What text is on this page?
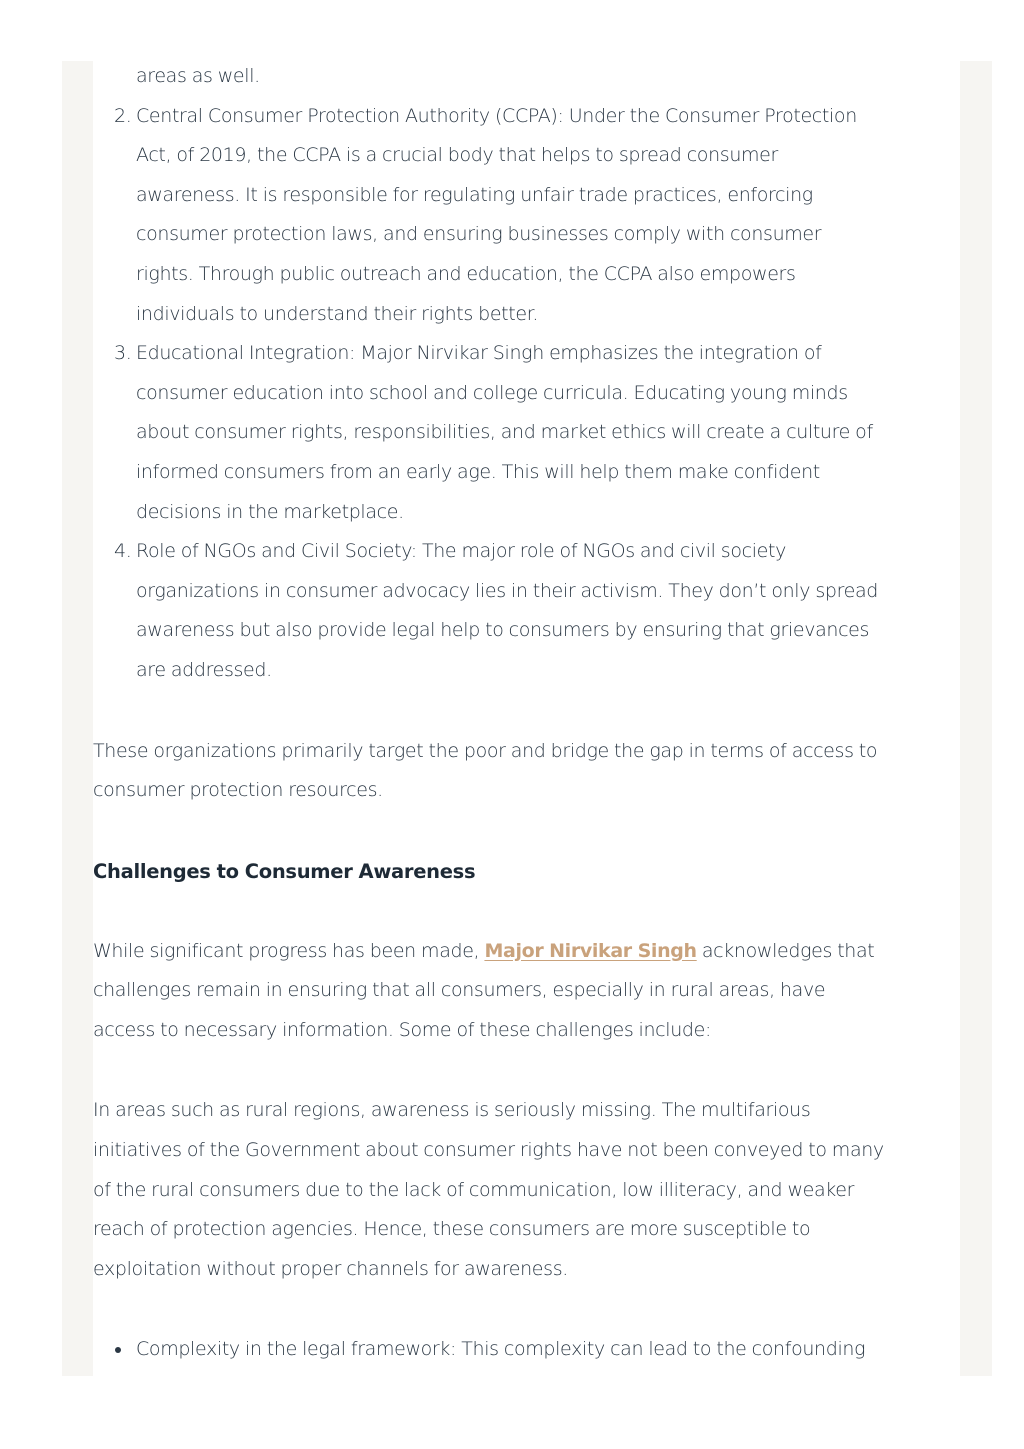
areas as well.
2. Central Consumer Protection Authority (CCPA): Under the Consumer Protection
Act, of 2019, the CCPA is a crucial body that helps to spread consumer
awareness. It is responsible for regulating unfair trade practices, enforcing
consumer protection laws, and ensuring businesses comply with consumer
rights. Through public outreach and education, the CCPA also empowers
individuals to understand their rights better.
3. Educational Integration: Major Nirvikar Singh emphasizes the integration of
consumer education into school and college curricula. Educating young minds
about consumer rights, responsibilities, and market ethics will create a culture of
informed consumers from an early age. This will help them make confident
decisions in the marketplace.
4. Role of NGOs and Civil Society: The major role of NGOs and civil society
organizations in consumer advocacy lies in their activism. They don’t only spread
awareness but also provide legal help to consumers by ensuring that grievances
are addressed.
These organizations primarily target the poor and bridge the gap in terms of access to
consumer protection resources.
Challenges to Consumer Awareness
While significant progress has been made, Major Nirvikar Singh acknowledges that
challenges remain in ensuring that all consumers, especially in rural areas, have
access to necessary information. Some of these challenges include:
In areas such as rural regions, awareness is seriously missing. The multifarious
initiatives of the Government about consumer rights have not been conveyed to many
of the rural consumers due to the lack of communication, low illiteracy, and weaker
reach of protection agencies. Hence, these consumers are more susceptible to
exploitation without proper channels for awareness.
Complexity in the legal framework: This complexity can lead to the confounding
